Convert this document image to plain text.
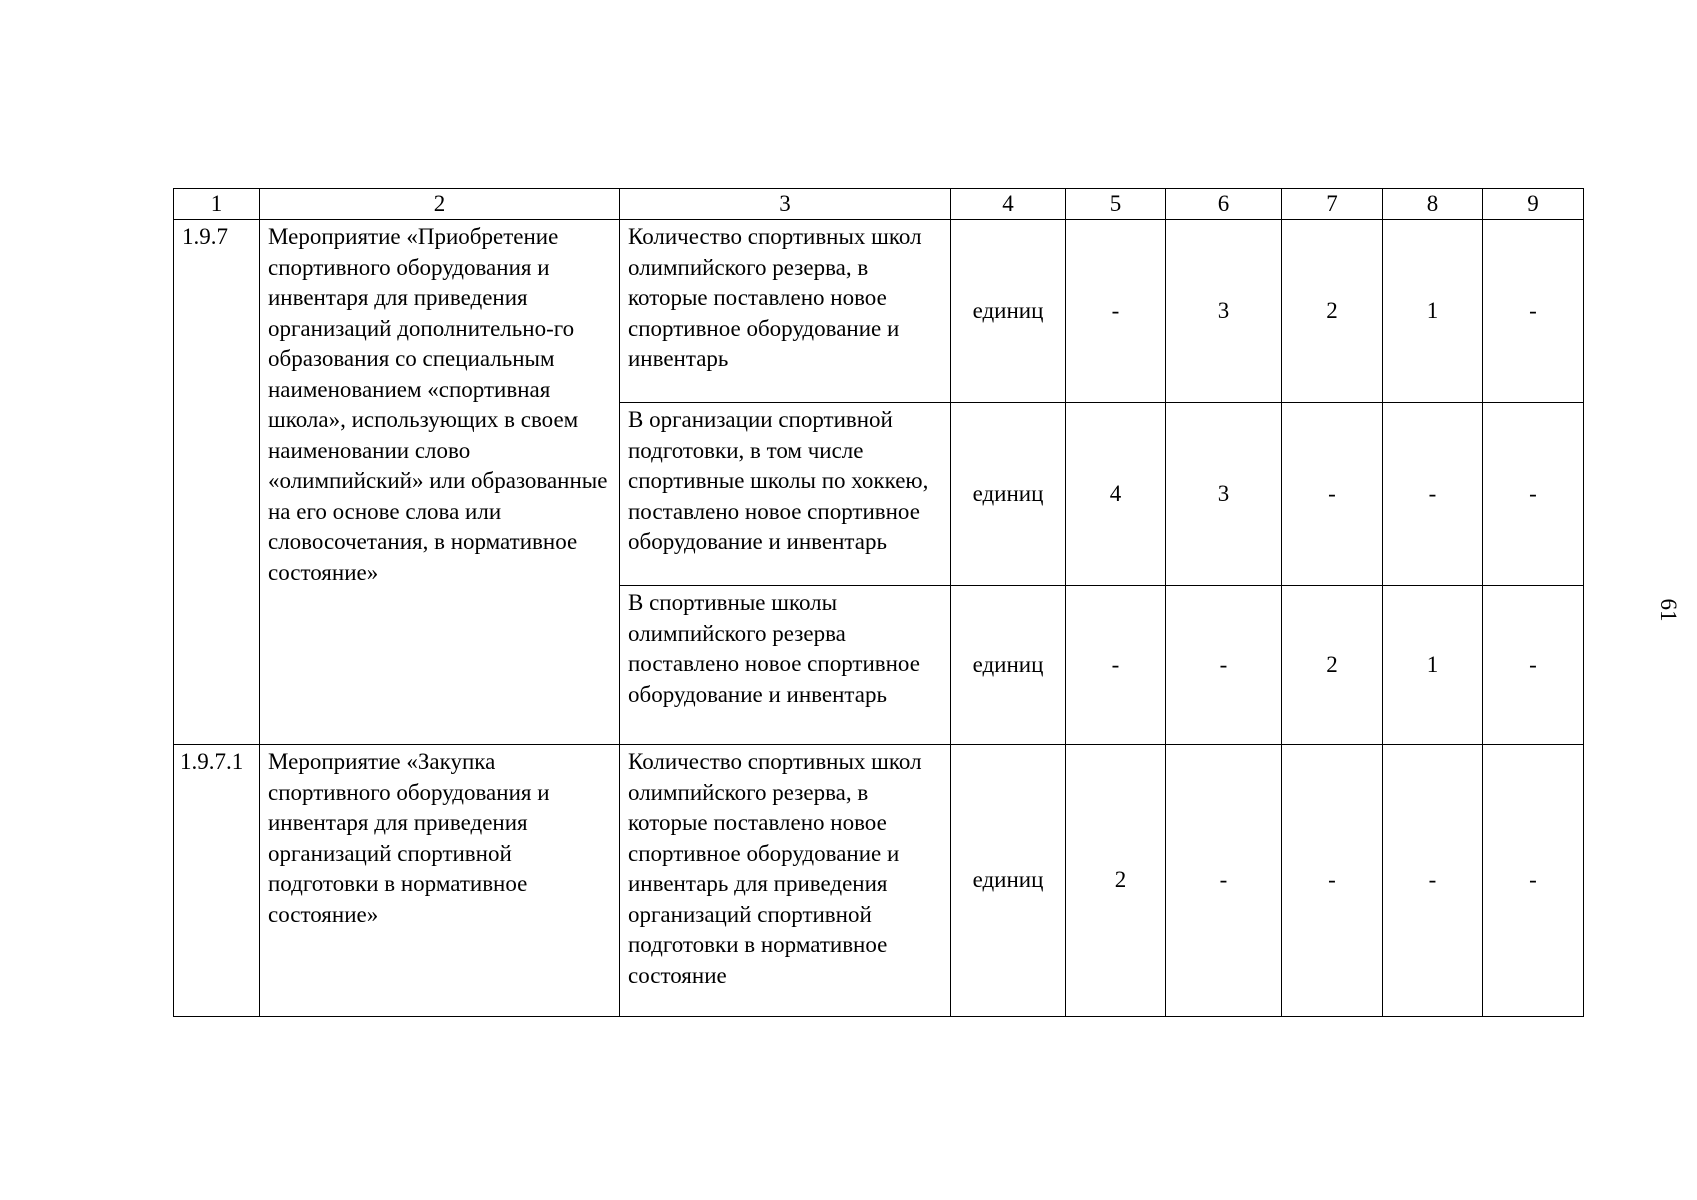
1	2	3	4	5	6	7	8	9
1.9.7	Мероприятие «Приобретение спортивного оборудования и инвентаря для приведения организаций дополнительно-го образования со специальным наименованием «спортивная школа», использующих в своем наименовании слово «олимпийский» или образованные на его основе слова или словосочетания, в нормативное состояние»	Количество спортивных школ олимпийского резерва, в которые поставлено новое спортивное оборудование и инвентарь	единиц	-	3	2	1	-
		В организации спортивной подготовки, в том числе спортивные школы по хоккею, поставлено новое спортивное оборудование и инвентарь	единиц	4	3	-	-	-
		В спортивные школы олимпийского резерва поставлено новое спортивное оборудование и инвентарь	единиц	-	-	2	1	-
1.9.7.1	Мероприятие «Закупка спортивного оборудования и инвентаря для приведения организаций спортивной подготовки в нормативное состояние»	Количество спортивных школ олимпийского резерва, в которые поставлено новое спортивное оборудование и инвентарь для приведения организаций спортивной подготовки в нормативное состояние	единиц	2	-	-	-	-
61
